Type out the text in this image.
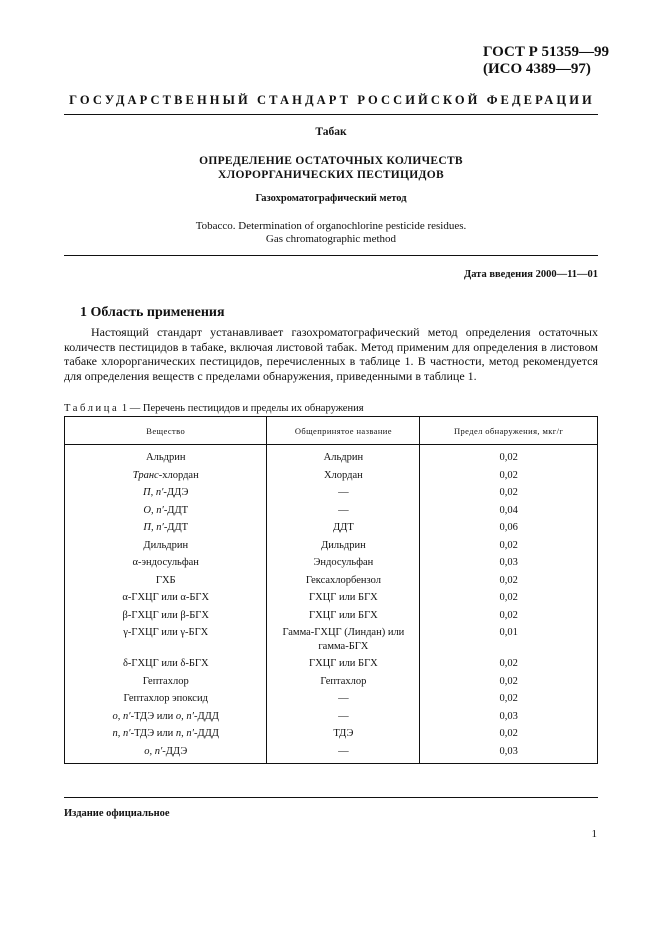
ГОСТ Р 51359—99
(ИСО 4389—97)
ГОСУДАРСТВЕННЫЙ СТАНДАРТ РОССИЙСКОЙ ФЕДЕРАЦИИ
Табак
ОПРЕДЕЛЕНИЕ ОСТАТОЧНЫХ КОЛИЧЕСТВ
ХЛОРОРГАНИЧЕСКИХ ПЕСТИЦИДОВ
Газохроматографический метод
Tobacco. Determination of organochlorine pesticide residues.
Gas chromatographic method
Дата введения 2000—11—01
1 Область применения
Настоящий стандарт устанавливает газохроматографический метод определения остаточных количеств пестицидов в табаке, включая листовой табак. Метод применим для определения в листовом табаке хлорорганических пестицидов, перечисленных в таблице 1. В частности, метод рекомендуется для определения веществ с пределами обнаружения, приведенными в таблице 1.
Таблица 1 — Перечень пестицидов и пределы их обнаружения
Вещество	Общепринятое название	Предел обнаружения, мкг/г
Альдрин	Альдрин	0,02
Транс-хлордан	Хлордан	0,02
П, п′-ДДЭ	—	0,02
О, п′-ДДТ	—	0,04
П, п′-ДДТ	ДДТ	0,06
Дильдрин	Дильдрин	0,02
α-эндосульфан	Эндосульфан	0,03
ГХБ	Гексахлорбензол	0,02
α-ГХЦГ или α-БГХ	ГХЦГ или БГХ	0,02
β-ГХЦГ или β-БГХ	ГХЦГ или БГХ	0,02
γ-ГХЦГ или γ-БГХ	Гамма-ГХЦГ (Линдан) или гамма-БГХ	0,01
δ-ГХЦГ или δ-БГХ	ГХЦГ или БГХ	0,02
Гептахлор	Гептахлор	0,02
Гептахлор эпоксид	—	0,02
о, п′-ТДЭ или о, п′-ДДД	—	0,03
п, п′-ТДЭ или п, п′-ДДД	ТДЭ	0,02
о, п′-ДДЭ	—	0,03
Издание официальное
1
